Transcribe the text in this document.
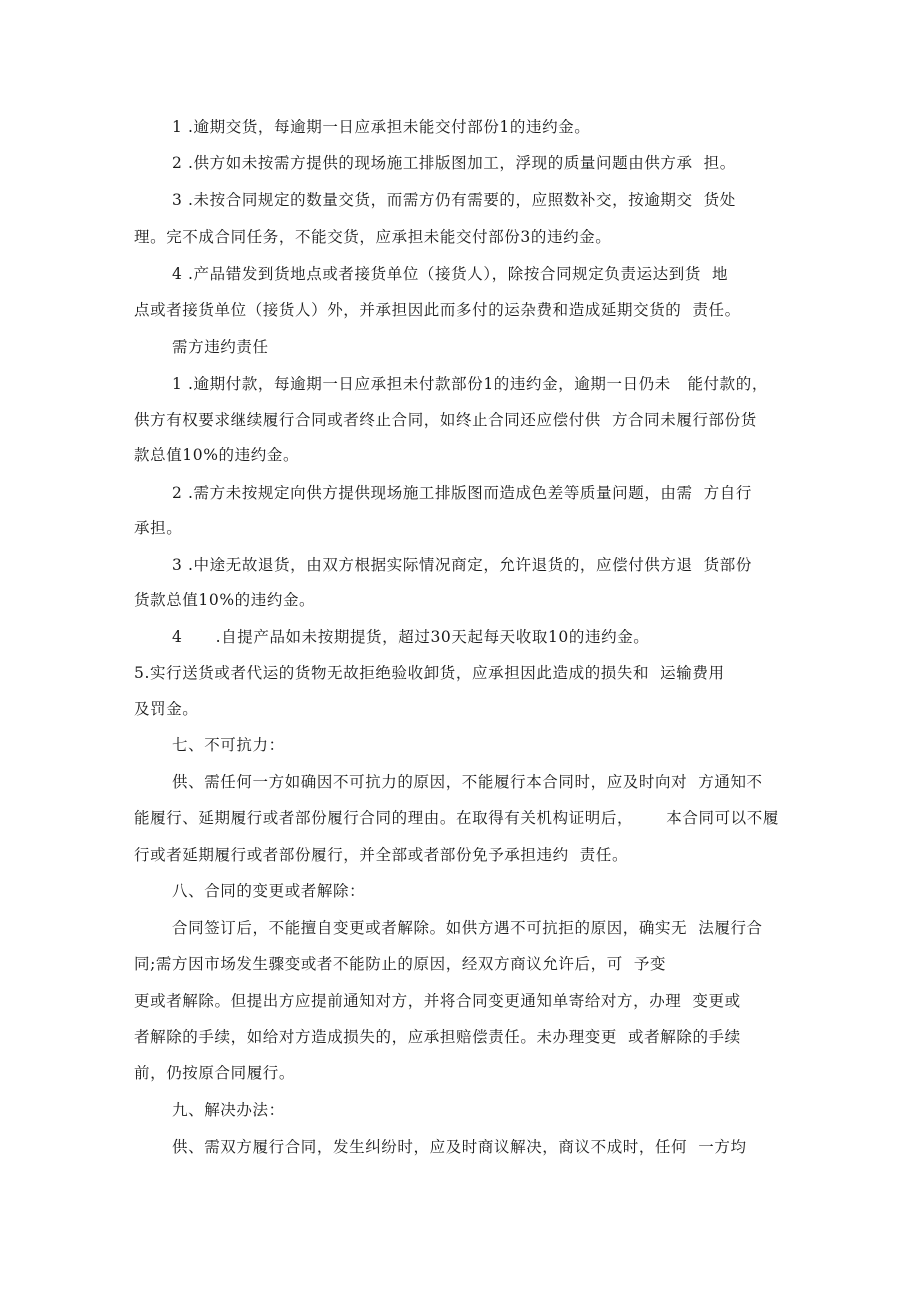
1 .逾期交货，每逾期一日应承担未能交付部份1的违约金。
2 .供方如未按需方提供的现场施工排版图加工，浮现的质量问题由供方承  担。
3 .未按合同规定的数量交货，而需方仍有需要的，应照数补交，按逾期交  货处
理。完不成合同任务，不能交货，应承担未能交付部份3的违约金。
4 .产品错发到货地点或者接货单位（接货人），除按合同规定负责运达到货  地
点或者接货单位（接货人）外，并承担因此而多付的运杂费和造成延期交货的  责任。
需方违约责任
1 .逾期付款，每逾期一日应承担未付款部份1的违约金，逾期一日仍未   能付款的，
供方有权要求继续履行合同或者终止合同，如终止合同还应偿付供  方合同未履行部份货
款总值10%的违约金。
2 .需方未按规定向供方提供现场施工排版图而造成色差等质量问题，由需  方自行
承担。
3 .中途无故退货，由双方根据实际情况商定，允许退货的，应偿付供方退  货部份
货款总值10%的违约金。
4      .自提产品如未按期提货，超过30天起每天收取10的违约金。
5.实行送货或者代运的货物无故拒绝验收卸货，应承担因此造成的损失和  运输费用
及罚金。
七、不可抗力：
供、需任何一方如确因不可抗力的原因，不能履行本合同时，应及时向对  方通知不
能履行、延期履行或者部份履行合同的理由。在取得有关机构证明后，      本合同可以不履
行或者延期履行或者部份履行，并全部或者部份免予承担违约  责任。
八、合同的变更或者解除：
合同签订后，不能擅自变更或者解除。如供方遇不可抗拒的原因，确实无  法履行合
同;需方因市场发生骤变或者不能防止的原因，经双方商议允许后，可  予变
更或者解除。但提出方应提前通知对方，并将合同变更通知单寄给对方，办理  变更或
者解除的手续，如给对方造成损失的，应承担赔偿责任。未办理变更  或者解除的手续
前，仍按原合同履行。
九、解决办法：
供、需双方履行合同，发生纠纷时，应及时商议解决，商议不成时，任何  一方均
